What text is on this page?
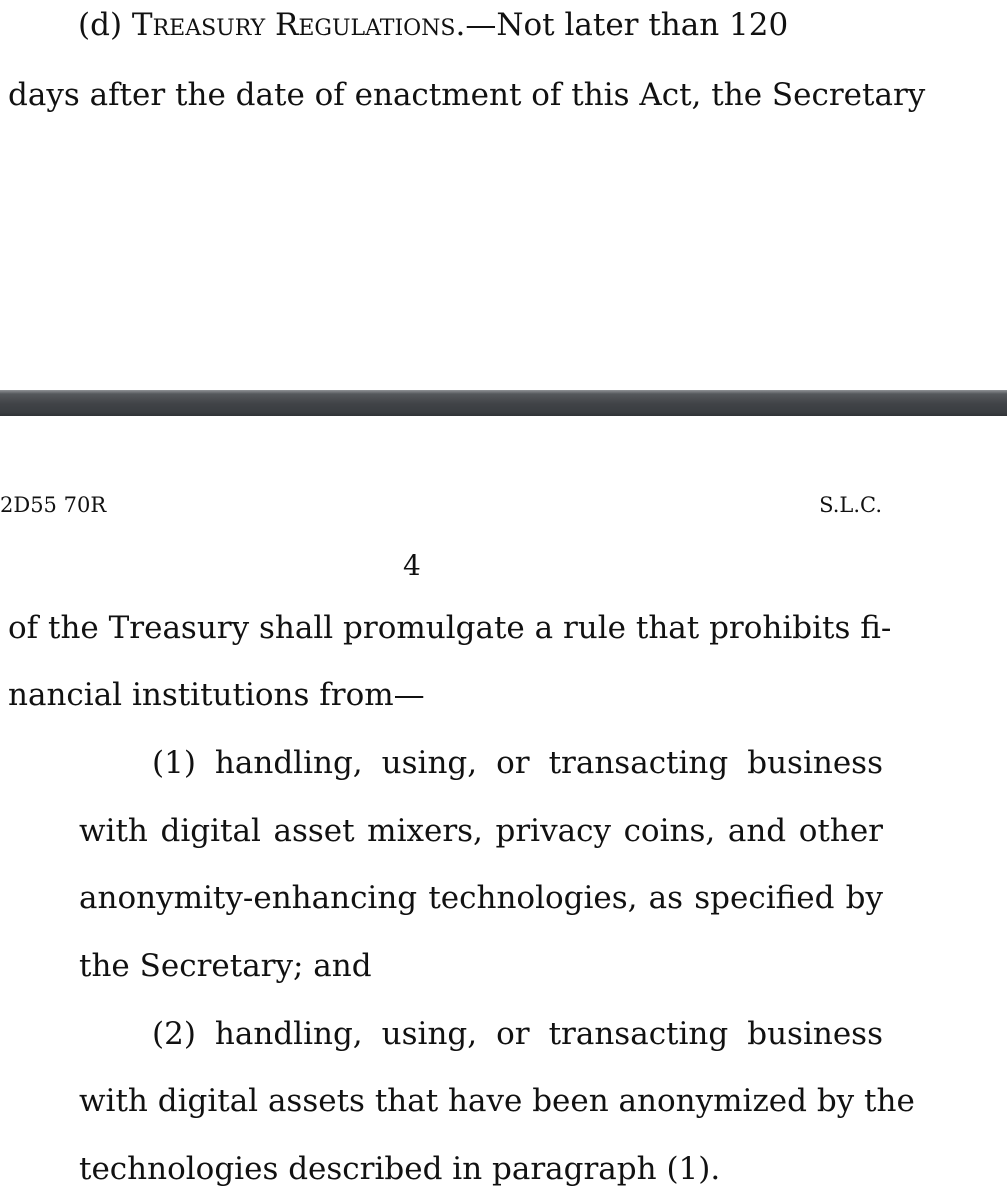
(d) Treasury Regulations.—Not later than 120
days after the date of enactment of this Act, the Secretary
2D55 70R	S.L.C.
4
of the Treasury shall promulgate a rule that prohibits fi-
nancial institutions from—
(1) handling, using, or transacting business
with digital asset mixers, privacy coins, and other
anonymity-enhancing technologies, as specified by
the Secretary; and
(2) handling, using, or transacting business
with digital assets that have been anonymized by the
technologies described in paragraph (1).
